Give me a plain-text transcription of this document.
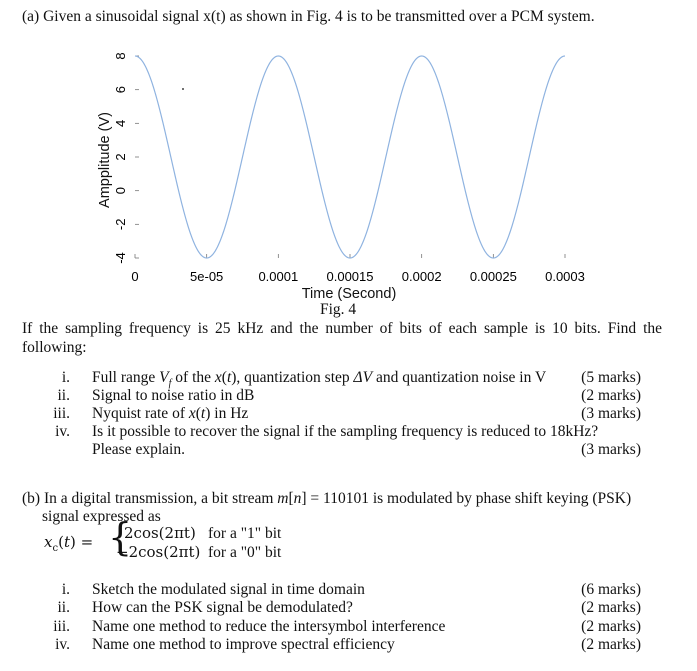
(a) Given a sinusoidal signal x(t) as shown in Fig. 4 is to be transmitted over a PCM system.
8
6
4
2
0
-2
-4
0	5e-05	0.0001 0.00015 0.0002 0.00025 0.0003
Ampplitude (V)
Time (Second)
Fig. 4
If the sampling frequency is 25 kHz and the number of bits of each sample is 10 bits. Find the
following:
i. Full range $V_f$ of the x(t), quantization step ΔV and quantization noise in V (5 marks)
ii. Signal to noise ratio in dB	(2 marks)
iii. Nyquist rate of x(t) in Hz	(3 marks)
iv. Is it possible to recover the signal if the sampling frequency is reduced to 18kHz?
Please explain.	(3 marks)
(b) In a digital transmission, a bit stream m[n] = 110101 is modulated by phase shift keying (PSK)
signal expressed as
$x_c(t)$ = {
2cos(2πt) for a "1" bit
−2cos(2πt) for a "0" bit
i. Sketch the modulated signal in time domain	(6 marks)
ii. How can the PSK signal be demodulated?	(2 marks)
iii. Name one method to reduce the intersymbol interference	(2 marks)
iv. Name one method to improve spectral efficiency	(2 marks)
